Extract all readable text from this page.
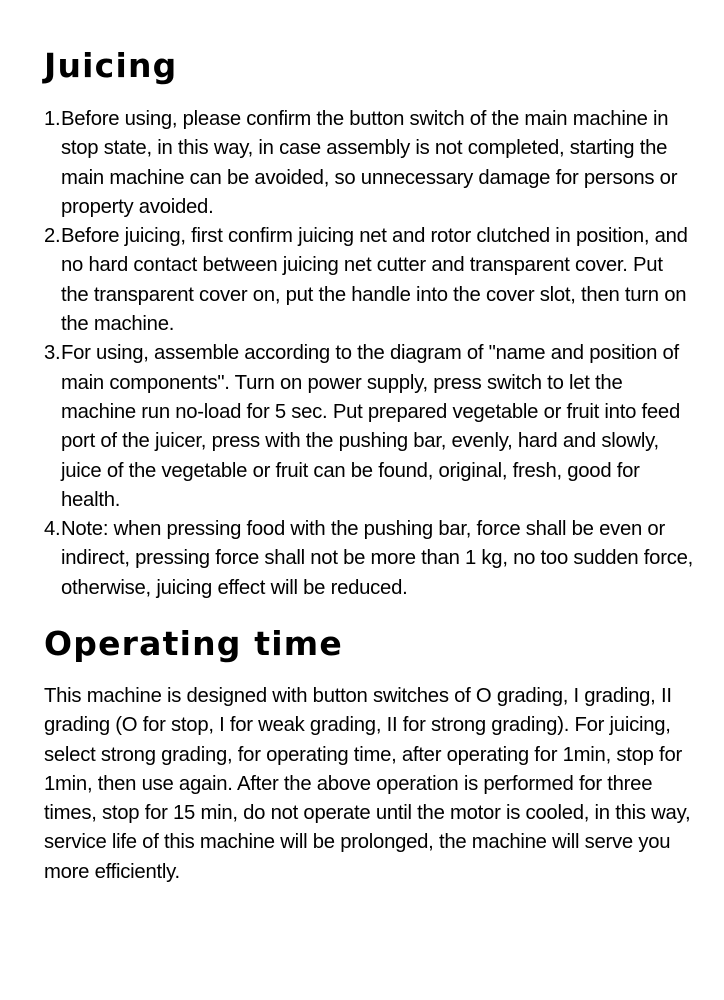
Juicing
1. Before using, please confirm the button switch of the main machine in stop state, in this way, in case assembly is not completed, starting the main machine can be avoided, so unnecessary damage for persons or property avoided.
2. Before juicing, first confirm juicing net and rotor clutched in position, and no hard contact between juicing net cutter and transparent cover. Put the transparent cover on, put the handle into the cover slot, then turn on the machine.
3. For using, assemble according to the diagram of "name and position of main components". Turn on power supply, press switch to let the machine run no-load for 5 sec. Put prepared vegetable or fruit into feed port of the juicer, press with the pushing bar, evenly, hard and slowly, juice of the vegetable or fruit can be found, original, fresh, good for health.
4. Note: when pressing food with the pushing bar, force shall be even or indirect, pressing force shall not be more than 1 kg, no too sudden force, otherwise, juicing effect will be reduced.
Operating time

This machine is designed with button switches of O grading, I grading, II grading (O for stop, I for weak grading, II for strong grading). For juicing, select strong grading, for operating time, after operating for 1min, stop for 1min, then use again. After the above operation is performed for three times, stop for 15 min, do not operate until the motor is cooled, in this way, service life of this machine will be prolonged, the machine will serve you more efficiently.
